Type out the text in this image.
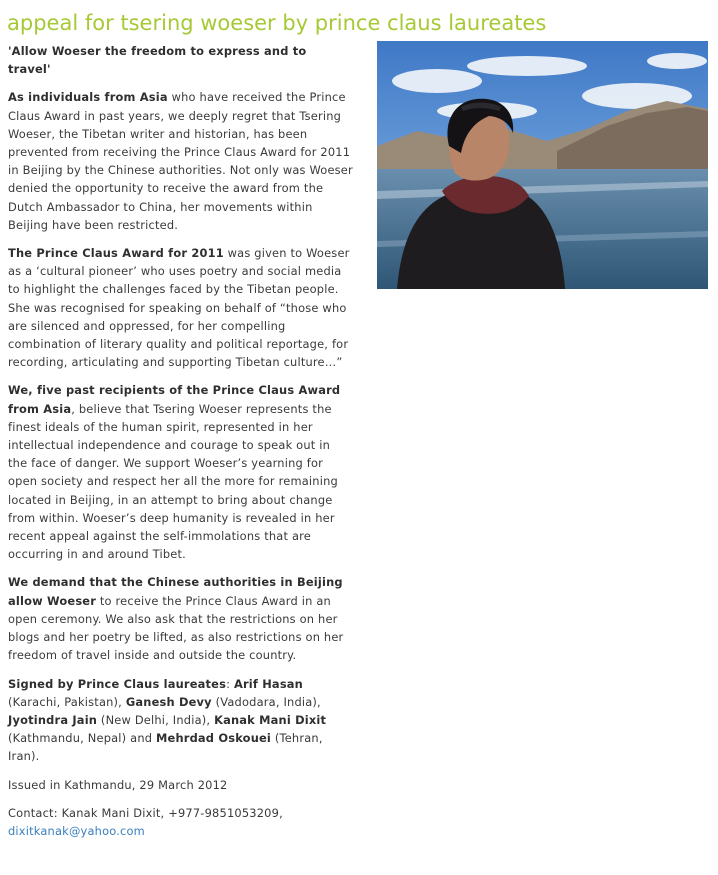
appeal for tsering woeser by prince claus laureates

'Allow Woeser the freedom to express and to travel'

As individuals from Asia who have received the Prince Claus Award in past years, we deeply regret that Tsering Woeser, the Tibetan writer and historian, has been prevented from receiving the Prince Claus Award for 2011 in Beijing by the Chinese authorities. Not only was Woeser denied the opportunity to receive the award from the Dutch Ambassador to China, her movements within Beijing have been restricted.

The Prince Claus Award for 2011 was given to Woeser as a ‘cultural pioneer’ who uses poetry and social media to highlight the challenges faced by the Tibetan people. She was recognised for speaking on behalf of “those who are silenced and oppressed, for her compelling combination of literary quality and political reportage, for recording, articulating and supporting Tibetan culture…”

We, five past recipients of the Prince Claus Award from Asia, believe that Tsering Woeser represents the finest ideals of the human spirit, represented in her intellectual independence and courage to speak out in the face of danger. We support Woeser’s yearning for open society and respect her all the more for remaining located in Beijing, in an attempt to bring about change from within. Woeser’s deep humanity is revealed in her recent appeal against the self-immolations that are occurring in and around Tibet.

We demand that the Chinese authorities in Beijing allow Woeser to receive the Prince Claus Award in an open ceremony. We also ask that the restrictions on her blogs and her poetry be lifted, as also restrictions on her freedom of travel inside and outside the country.

Signed by Prince Claus laureates: Arif Hasan (Karachi, Pakistan), Ganesh Devy (Vadodara, India), Jyotindra Jain (New Delhi, India), Kanak Mani Dixit (Kathmandu, Nepal) and Mehrdad Oskouei (Tehran, Iran).

Issued in Kathmandu, 29 March 2012

Contact: Kanak Mani Dixit, +977-9851053209,
dixitkanak@yahoo.com
